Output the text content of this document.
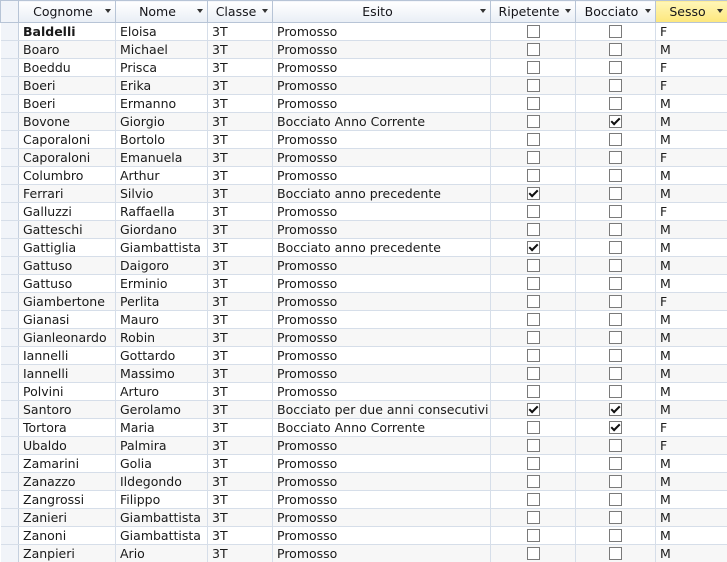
	Cognome	Nome	Classe	Esito	Ripetente	Bocciato	Sesso

	Baldelli	Eloisa	3T	Promosso			F
	Boaro	Michael	3T	Promosso			M
	Boeddu	Prisca	3T	Promosso			F
	Boeri	Erika	3T	Promosso			F
	Boeri	Ermanno	3T	Promosso			M
	Bovone	Giorgio	3T	Bocciato Anno Corrente			M
	Caporaloni	Bortolo	3T	Promosso			M
	Caporaloni	Emanuela	3T	Promosso			F
	Columbro	Arthur	3T	Promosso			M
	Ferrari	Silvio	3T	Bocciato anno precedente			M
	Galluzzi	Raffaella	3T	Promosso			F
	Gatteschi	Giordano	3T	Promosso			M
	Gattiglia	Giambattista	3T	Bocciato anno precedente			M
	Gattuso	Daigoro	3T	Promosso			M
	Gattuso	Erminio	3T	Promosso			M
	Giambertone	Perlita	3T	Promosso			F
	Gianasi	Mauro	3T	Promosso			M
	Gianleonardo	Robin	3T	Promosso			M
	Iannelli	Gottardo	3T	Promosso			M
	Iannelli	Massimo	3T	Promosso			M
	Polvini	Arturo	3T	Promosso			M
	Santoro	Gerolamo	3T	Bocciato per due anni consecutivi			M
	Tortora	Maria	3T	Bocciato Anno Corrente			F
	Ubaldo	Palmira	3T	Promosso			F
	Zamarini	Golia	3T	Promosso			M
	Zanazzo	Ildegondo	3T	Promosso			M
	Zangrossi	Filippo	3T	Promosso			M
	Zanieri	Giambattista	3T	Promosso			M
	Zanoni	Giambattista	3T	Promosso			M
	Zanpieri	Ario	3T	Promosso			M
